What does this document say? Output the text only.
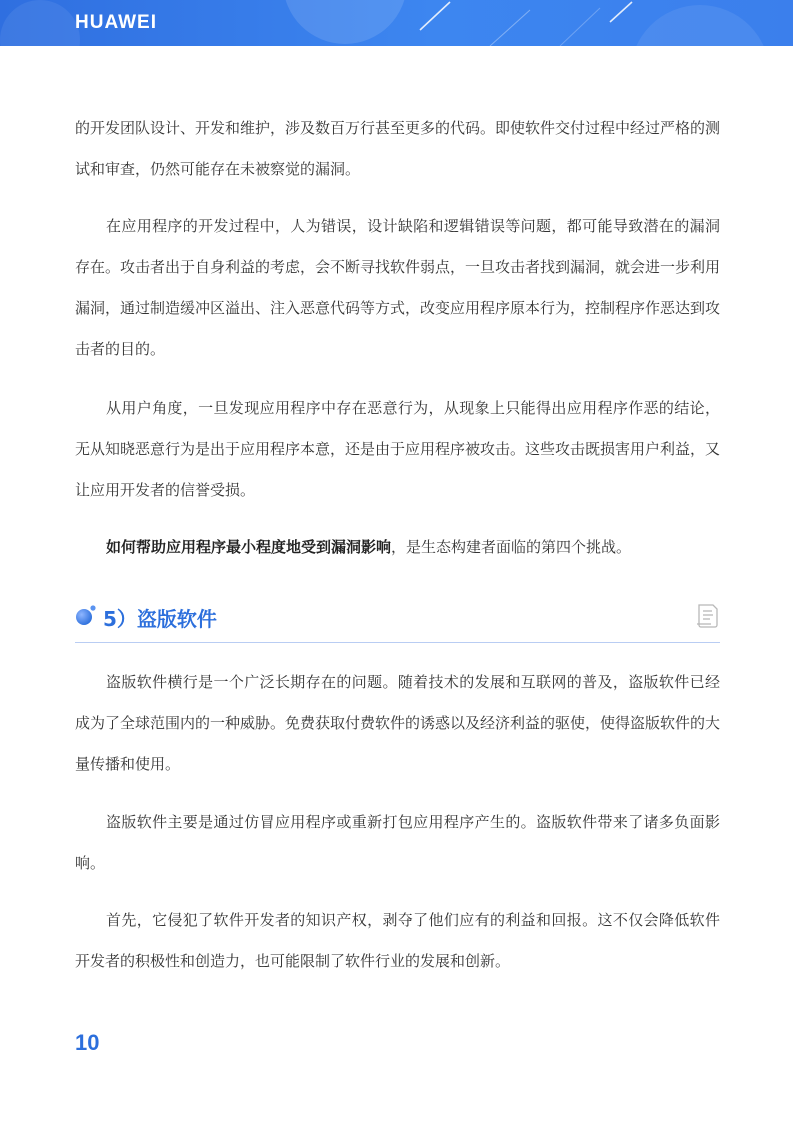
HUAWEI

的开发团队设计、开发和维护，涉及数百万行甚至更多的代码。即使软件交付过程中经过严格的测试和审查，仍然可能存在未被察觉的漏洞。

在应用程序的开发过程中，人为错误，设计缺陷和逻辑错误等问题，都可能导致潜在的漏洞存在。攻击者出于自身利益的考虑，会不断寻找软件弱点，一旦攻击者找到漏洞，就会进一步利用漏洞，通过制造缓冲区溢出、注入恶意代码等方式，改变应用程序原本行为，控制程序作恶达到攻击者的目的。

从用户角度，一旦发现应用程序中存在恶意行为，从现象上只能得出应用程序作恶的结论，无从知晓恶意行为是出于应用程序本意，还是由于应用程序被攻击。这些攻击既损害用户利益，又让应用开发者的信誉受损。

如何帮助应用程序最小程度地受到漏洞影响，是生态构建者面临的第四个挑战。

5）盗版软件

盗版软件横行是一个广泛长期存在的问题。随着技术的发展和互联网的普及，盗版软件已经成为了全球范围内的一种威胁。免费获取付费软件的诱惑以及经济利益的驱使，使得盗版软件的大量传播和使用。

盗版软件主要是通过仿冒应用程序或重新打包应用程序产生的。盗版软件带来了诸多负面影响。

首先，它侵犯了软件开发者的知识产权，剥夺了他们应有的利益和回报。这不仅会降低软件开发者的积极性和创造力，也可能限制了软件行业的发展和创新。

10
